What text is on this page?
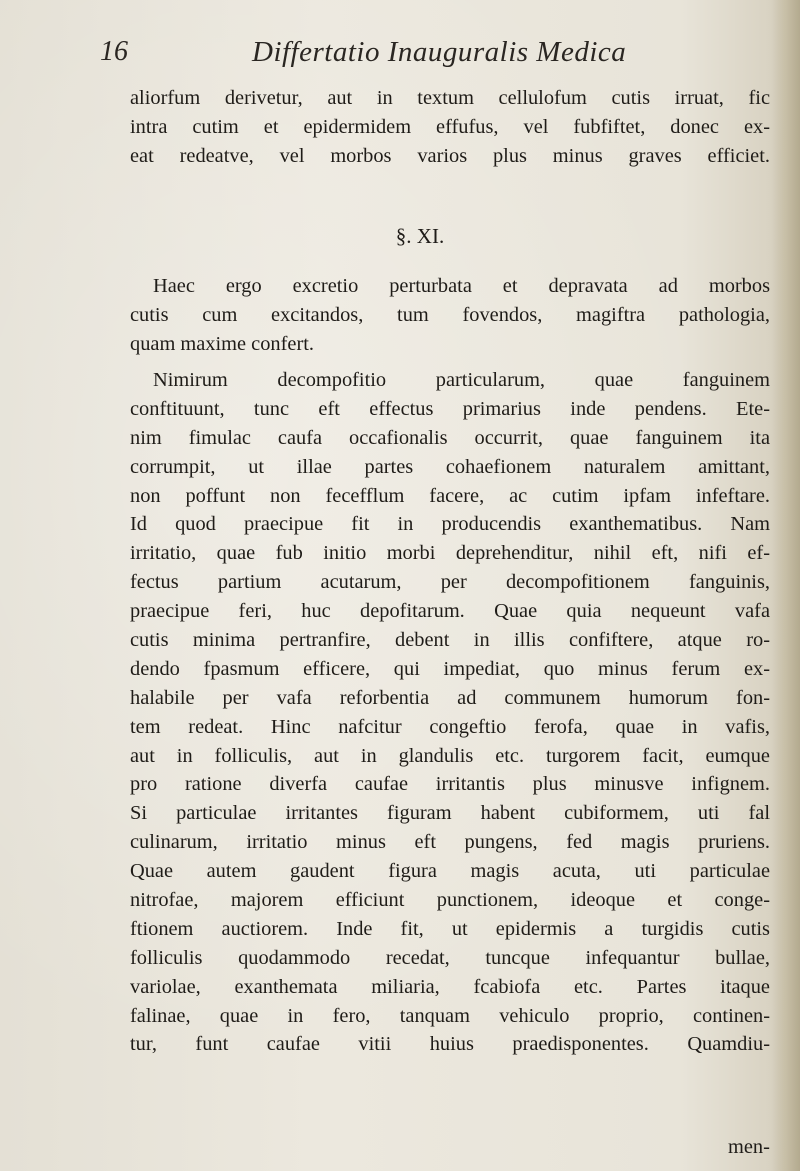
16	Differtatio Inauguralis Medica
aliorfum derivetur, aut in textum cellulofum cutis irruat, fic
intra cutim et epidermidem effufus, vel fubfiftet, donec ex-
eat redeatve, vel morbos varios plus minus graves efficiet.
§. XI.
Haec ergo excretio perturbata et depravata ad morbos
cutis cum excitandos, tum fovendos, magiftra pathologia,
quam maxime confert.
Nimirum decompofitio particularum, quae fanguinem
conftituunt, tunc eft effectus primarius inde pendens. Ete-
nim fimulac caufa occafionalis occurrit, quae fanguinem ita
corrumpit, ut illae partes cohaefionem naturalem amittant,
non poffunt non fecefflum facere, ac cutim ipfam infeftare.
Id quod praecipue fit in producendis exanthematibus. Nam
irritatio, quae fub initio morbi deprehenditur, nihil eft, nifi ef-
fectus partium acutarum, per decompofitionem fanguinis,
praecipue feri, huc depofitarum. Quae quia nequeunt vafa
cutis minima pertranfire, debent in illis confiftere, atque ro-
dendo fpasmum efficere, qui impediat, quo minus ferum ex-
halabile per vafa reforbentia ad communem humorum fon-
tem redeat. Hinc nafcitur congeftio ferofa, quae in vafis,
aut in folliculis, aut in glandulis etc. turgorem facit, eumque
pro ratione diverfa caufae irritantis plus minusve infignem.
Si particulae irritantes figuram habent cubiformem, uti fal
culinarum, irritatio minus eft pungens, fed magis pruriens.
Quae autem gaudent figura magis acuta, uti particulae
nitrofae, majorem efficiunt punctionem, ideoque et conge-
ftionem auctiorem. Inde fit, ut epidermis a turgidis cutis
folliculis quodammodo recedat, tuncque infequantur bullae,
variolae, exanthemata miliaria, fcabiofa etc. Partes itaque
falinae, quae in fero, tanquam vehiculo proprio, continen-
tur, funt caufae vitii huius praedisponentes. Quamdiu-
men-
